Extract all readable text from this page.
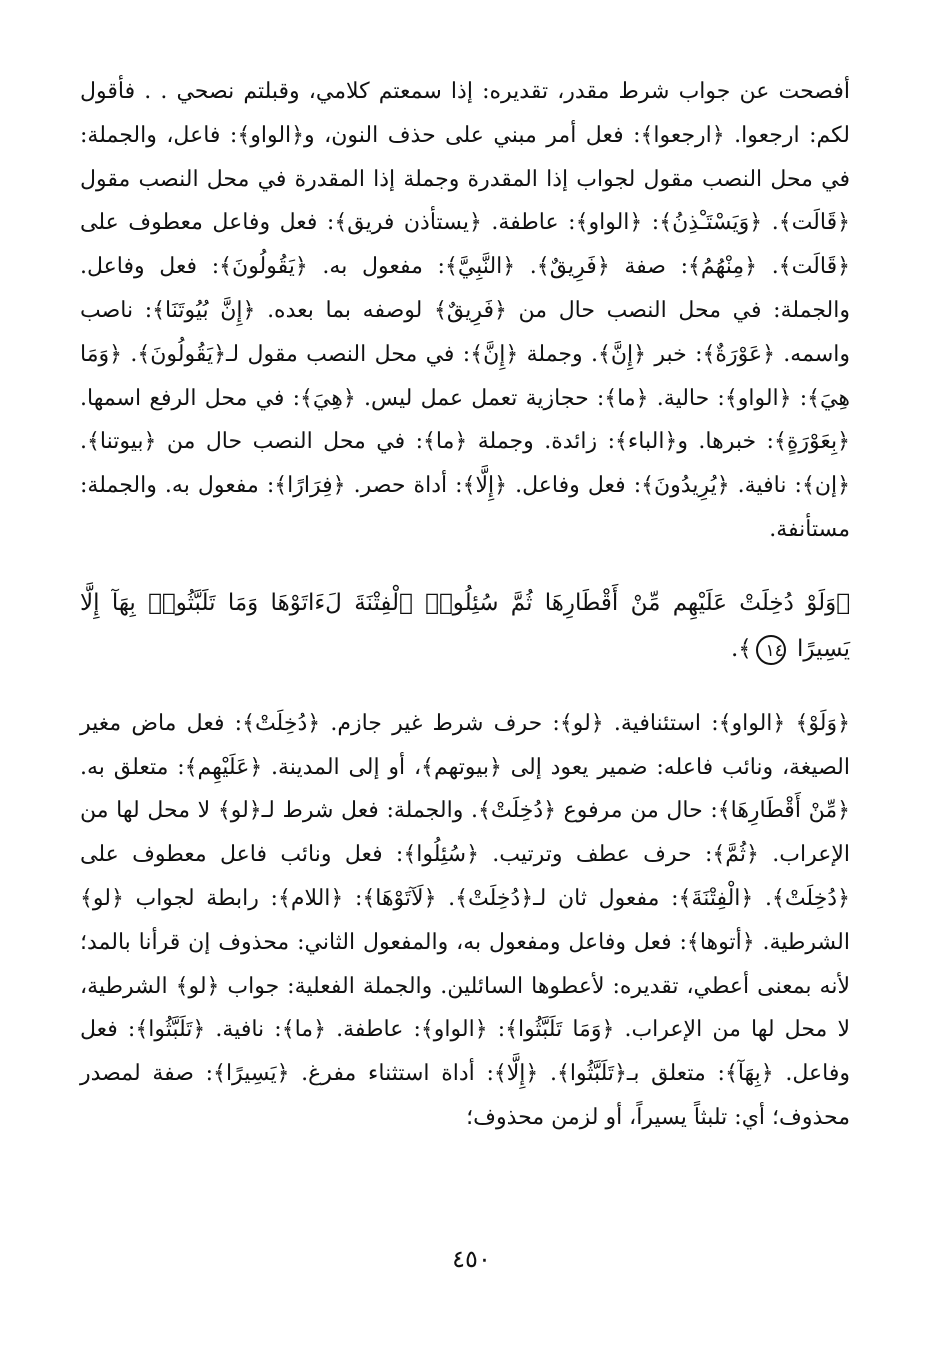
أفصحت عن جواب شرط مقدر، تقديره: إذا سمعتم كلامي، وقبلتم نصحي . . فأقول لكم: ارجعوا. ﴿ارجعوا﴾: فعل أمر مبني على حذف النون، و﴿الواو﴾: فاعل، والجملة: في محل النصب مقول لجواب إذا المقدرة وجملة إذا المقدرة في محل النصب مقول ﴿قَالَت﴾. ﴿وَيَسْتَـْذِنُ﴾: ﴿الواو﴾: عاطفة. ﴿يستأذن فريق﴾: فعل وفاعل معطوف على ﴿قَالَت﴾. ﴿مِنْهُمُ﴾: صفة ﴿فَرِيقٌ﴾. ﴿النَّبِيَّ﴾: مفعول به. ﴿يَقُولُونَ﴾: فعل وفاعل. والجملة: في محل النصب حال من ﴿فَرِيقٌ﴾ لوصفه بما بعده. ﴿إِنَّ بُيُوتَنَا﴾: ناصب واسمه. ﴿عَوْرَةٌ﴾: خبر ﴿إِنَّ﴾. وجملة ﴿إِنَّ﴾: في محل النصب مقول لـ﴿يَقُولُونَ﴾. ﴿وَمَا هِيَ﴾: ﴿الواو﴾: حالية. ﴿ما﴾: حجازية تعمل عمل ليس. ﴿هِيَ﴾: في محل الرفع اسمها. ﴿بِعَوْرَةٍ﴾: خبرها. و﴿الباء﴾: زائدة. وجملة ﴿ما﴾: في محل النصب حال من ﴿بيوتنا﴾. ﴿إن﴾: نافية. ﴿يُرِيدُونَ﴾: فعل وفاعل. ﴿إِلَّا﴾: أداة حصر. ﴿فِرَارًا﴾: مفعول به. والجملة: مستأنفة.

﴿وَلَوْ دُخِلَتْ عَلَيْهِم مِّنْ أَقْطَارِهَا ثُمَّ سُئِلُوا۟ ٱلْفِتْنَةَ لَءَاتَوْهَا وَمَا تَلَبَّثُوا۟ بِهَآ إِلَّا يَسِيرًا ١٤﴾.

﴿وَلَوْ﴾ ﴿الواو﴾: استئنافية. ﴿لو﴾: حرف شرط غير جازم. ﴿دُخِلَتْ﴾: فعل ماض مغير الصيغة، ونائب فاعله: ضمير يعود إلى ﴿بيوتهم﴾، أو إلى المدينة. ﴿عَلَيْهِم﴾: متعلق به. ﴿مِّنْ أَقْطَارِهَا﴾: حال من مرفوع ﴿دُخِلَتْ﴾. والجملة: فعل شرط لـ﴿لو﴾ لا محل لها من الإعراب. ﴿ثُمَّ﴾: حرف عطف وترتيب. ﴿سُئِلُوا﴾: فعل ونائب فاعل معطوف على ﴿دُخِلَتْ﴾. ﴿الْفِتْنَةَ﴾: مفعول ثان لـ﴿دُخِلَتْ﴾. ﴿لَآتَوْهَا﴾: ﴿اللام﴾: رابطة لجواب ﴿لو﴾ الشرطية. ﴿أتوها﴾: فعل وفاعل ومفعول به، والمفعول الثاني: محذوف إن قرأنا بالمد؛ لأنه بمعنى أعطي، تقديره: لأعطوها السائلين. والجملة الفعلية: جواب ﴿لو﴾ الشرطية، لا محل لها من الإعراب. ﴿وَمَا تَلَبَّثُوا﴾: ﴿الواو﴾: عاطفة. ﴿ما﴾: نافية. ﴿تَلَبَّثُوا﴾: فعل وفاعل. ﴿بِهَآ﴾: متعلق بـ﴿تَلَبَّثُوا﴾. ﴿إِلَّا﴾: أداة استثناء مفرغ. ﴿يَسِيرًا﴾: صفة لمصدر محذوف؛ أي: تلبثاً يسيراً، أو لزمن محذوف؛

٤٥٠
